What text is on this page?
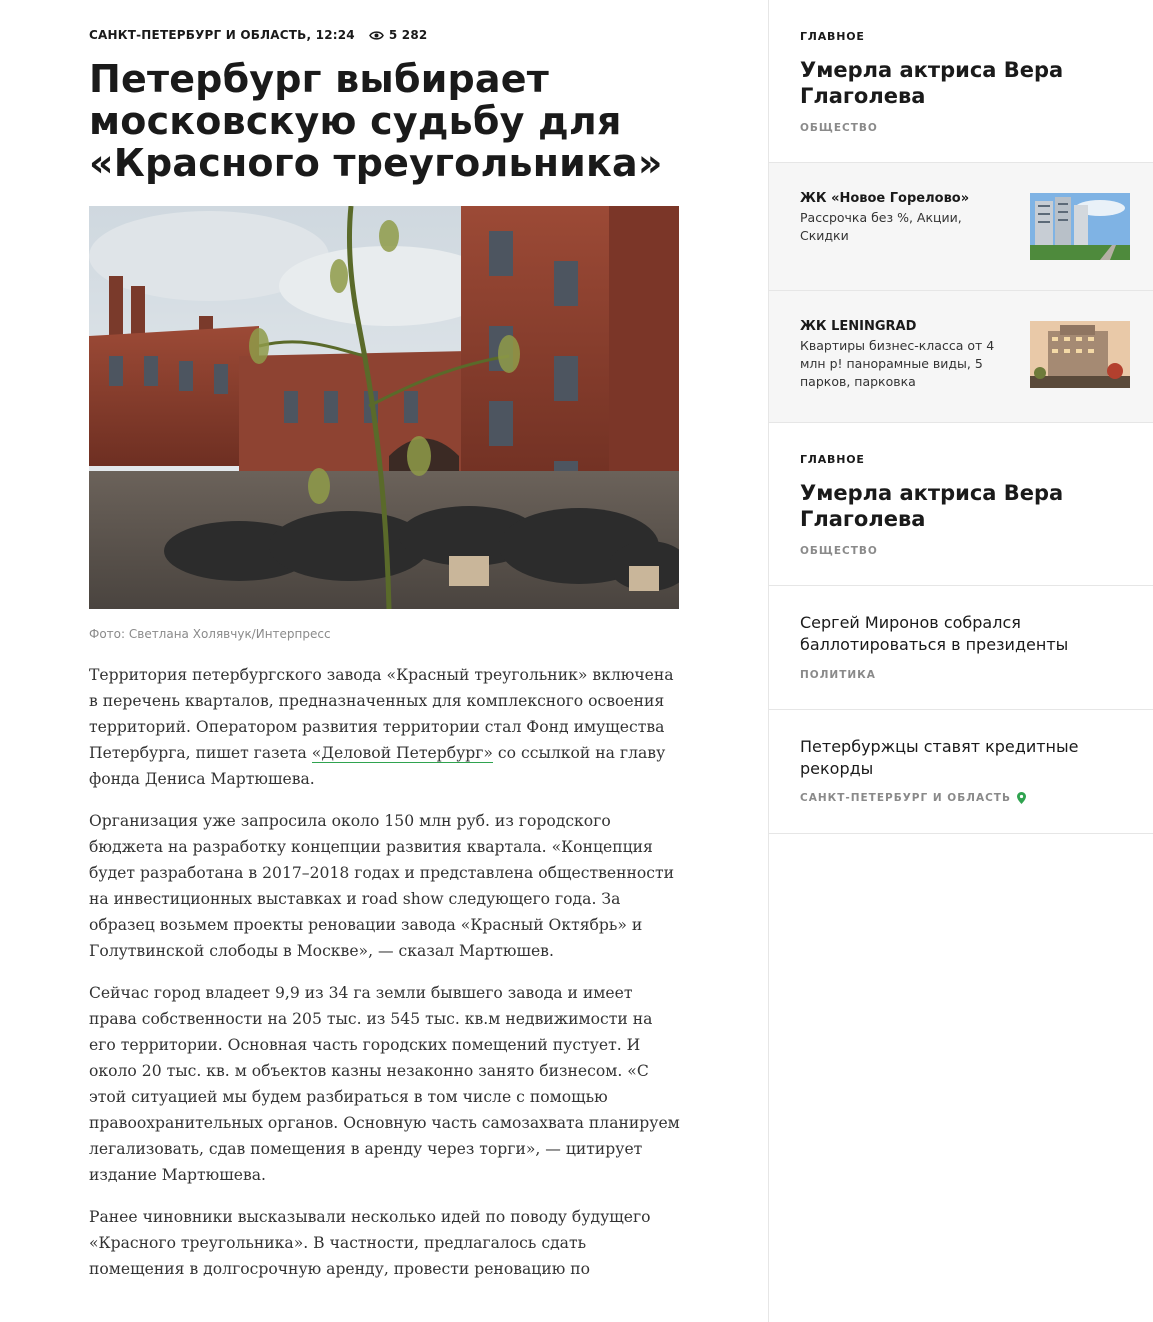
САНКТ-ПЕТЕРБУРГ И ОБЛАСТЬ, 12:24	5 282
Петербург выбирает московскую судьбу для «Красного треугольника»
Фото: Светлана Холявчук/Интерпресс

Территория петербургского завода «Красный треугольник» включена в перечень кварталов, предназначенных для комплексного освоения территорий. Оператором развития территории стал Фонд имущества Петербурга, пишет газета «Деловой Петербург» со ссылкой на главу фонда Дениса Мартюшева.

Организация уже запросила около 150 млн руб. из городского бюджета на разработку концепции развития квартала. «Концепция будет разработана в 2017–2018 годах и представлена общественности на инвестиционных выставках и road show следующего года. За образец возьмем проекты реновации завода «Красный Октябрь» и Голутвинской слободы в Москве», — сказал Мартюшев.

Сейчас город владеет 9,9 из 34 га земли бывшего завода и имеет права собственности на 205 тыс. из 545 тыс. кв.м недвижимости на его территории. Основная часть городских помещений пустует. И около 20 тыс. кв. м объектов казны незаконно занято бизнесом. «С этой ситуацией мы будем разбираться в том числе с помощью правоохранительных органов. Основную часть самозахвата планируем легализовать, сдав помещения в аренду через торги», — цитирует издание Мартюшева.

Ранее чиновники высказывали несколько идей по поводу будущего «Красного треугольника». В частности, предлагалось сдать помещения в долгосрочную аренду, провести реновацию по

ГЛАВНОЕ
Умерла актриса Вера Глаголева
ОБЩЕСТВО
ЖК «Новое Горелово»
Рассрочка без %, Акции, Скидки
ЖК LENINGRAD
Квартиры бизнес-класса от 4 млн р! панорамные виды, 5 парков, парковка
ГЛАВНОЕ
Умерла актриса Вера Глаголева
ОБЩЕСТВО
Сергей Миронов собрался баллотироваться в президенты
ПОЛИТИКА
Петербуржцы ставят кредитные рекорды
САНКТ-ПЕТЕРБУРГ И ОБЛАСТЬ
